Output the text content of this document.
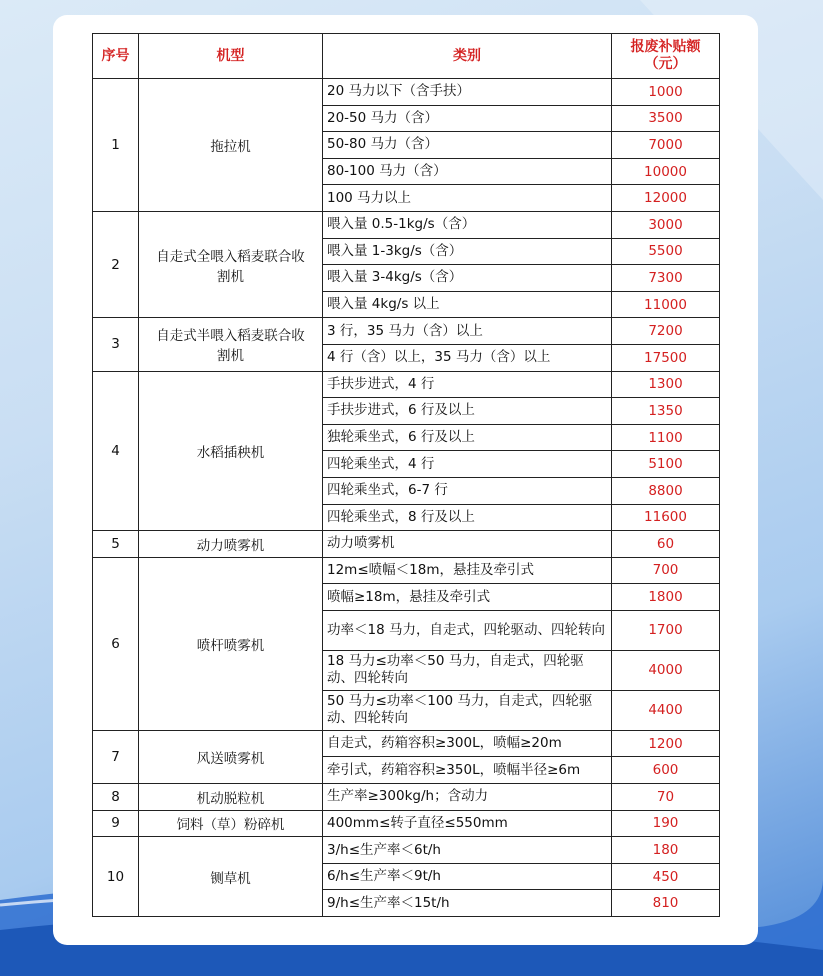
序号	机型	类别	报废补贴额
（元）
1	拖拉机	20 马力以下（含手扶）	1000
		20-50 马力（含）	3500
		50-80 马力（含）	7000
		80-100 马力（含）	10000
		100 马力以上	12000
2	自走式全喂入稻麦联合收割机	喂入量 0.5-1kg/s（含）	3000
		喂入量 1-3kg/s（含）	5500
		喂入量 3-4kg/s（含）	7300
		喂入量 4kg/s 以上	11000
3	自走式半喂入稻麦联合收割机	3 行，35 马力（含）以上	7200
		4 行（含）以上，35 马力（含）以上	17500
4	水稻插秧机	手扶步进式，4 行	1300
		手扶步进式，6 行及以上	1350
		独轮乘坐式，6 行及以上	1100
		四轮乘坐式，4 行	5100
		四轮乘坐式，6-7 行	8800
		四轮乘坐式，8 行及以上	11600
5	动力喷雾机	动力喷雾机	60
6	喷杆喷雾机	12m≤喷幅＜18m，悬挂及牵引式	700
		喷幅≥18m，悬挂及牵引式	1800
		功率＜18 马力，自走式，四轮驱动、四轮转向	1700
		18 马力≤功率＜50 马力，自走式，四轮驱动、四轮转向	4000
		50 马力≤功率＜100 马力，自走式，四轮驱动、四轮转向	4400
7	风送喷雾机	自走式，药箱容积≥300L，喷幅≥20m	1200
		牵引式，药箱容积≥350L，喷幅半径≥6m	600
8	机动脱粒机	生产率≥300kg/h；含动力	70
9	饲料（草）粉碎机	400mm≤转子直径≤550mm	190
10	铡草机	3/h≤生产率＜6t/h	180
		6/h≤生产率＜9t/h	450
		9/h≤生产率＜15t/h	810
